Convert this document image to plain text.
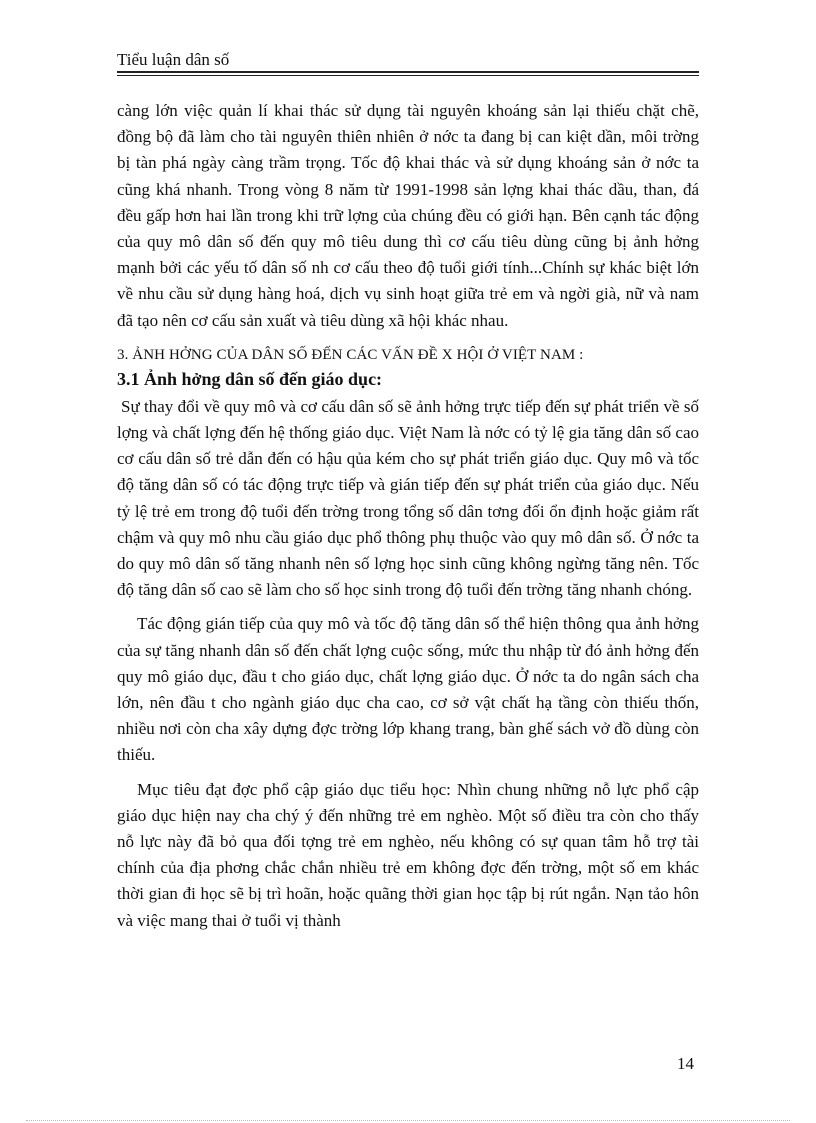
Tiểu luận dân số

càng lớn việc quản lí khai thác sử dụng tài nguyên khoáng sản lại thiếu chặt chẽ, đồng bộ đã làm cho tài nguyên thiên nhiên ở nớc ta đang bị can kiệt dần, môi trờng bị tàn phá ngày càng trầm trọng. Tốc độ khai thác và sử dụng khoáng sản ở nớc ta cũng khá nhanh. Trong vòng 8 năm từ 1991-1998 sản lợng khai thác dầu, than, đá đều gấp hơn hai lần trong khi trữ lợng của chúng đều có giới hạn. Bên cạnh tác động của quy mô dân số đến quy mô tiêu dung thì cơ cấu tiêu dùng cũng bị ảnh hởng mạnh bởi các yếu tố dân số nh cơ cấu theo độ tuổi giới tính...Chính sự khác biệt lớn về nhu cầu sử dụng hàng hoá, dịch vụ sinh hoạt giữa trẻ em và ngời già, nữ và nam đã tạo nên cơ cấu sản xuất và tiêu dùng xã hội khác nhau.

3. ẢNH HỞNG CỦA DÂN SỐ ĐẾN CÁC VẤN ĐỀ X HỘI Ở VIỆT NAM :

3.1 Ảnh hởng dân số đến giáo dục:

Sự thay đổi về quy mô và cơ cấu dân số sẽ ảnh hởng trực tiếp đến sự phát triển về số lợng và chất lợng đến hệ thống giáo dục. Việt Nam là nớc có tỷ lệ gia tăng dân số cao cơ cấu dân số trẻ dẫn đến có hậu qủa kém cho sự phát triển giáo dục. Quy mô và tốc độ tăng dân số có tác động trực tiếp và gián tiếp đến sự phát triển của giáo dục. Nếu tỷ lệ trẻ em trong độ tuổi đến trờng trong tổng số dân tơng đối ổn định hoặc giảm rất chậm và quy mô nhu cầu giáo dục phổ thông phụ thuộc vào quy mô dân số. Ở nớc ta do quy mô dân số tăng nhanh nên số lợng học sinh cũng không ngừng tăng nên. Tốc độ tăng dân số cao sẽ làm cho số học sinh trong độ tuổi đến trờng tăng nhanh chóng.

Tác động gián tiếp của quy mô và tốc độ tăng dân số thể hiện thông qua ảnh hởng của sự tăng nhanh dân số đến chất lợng cuộc sống, mức thu nhập từ đó ảnh hởng đến quy mô giáo dục, đầu t cho giáo dục, chất lợng giáo dục. Ở nớc ta do ngân sách cha lớn, nên đầu t cho ngành giáo dục cha cao, cơ sở vật chất hạ tầng còn thiếu thốn, nhiều nơi còn cha xây dựng đợc trờng lớp khang trang, bàn ghế sách vở đồ dùng còn thiếu.

Mục tiêu đạt đợc phổ cập giáo dục tiểu học: Nhìn chung những nỗ lực phổ cập giáo dục hiện nay cha chý ý đến những trẻ em nghèo. Một số điều tra còn cho thấy nỗ lực này đã bỏ qua đối tợng trẻ em nghèo, nếu không có sự quan tâm hỗ trợ tài chính của địa phơng chắc chắn nhiều trẻ em không đợc đến trờng, một số em khác thời gian đi học sẽ bị trì hoãn, hoặc quãng thời gian học tập bị rút ngắn. Nạn tảo hôn và việc mang thai ở tuổi vị thành

14
